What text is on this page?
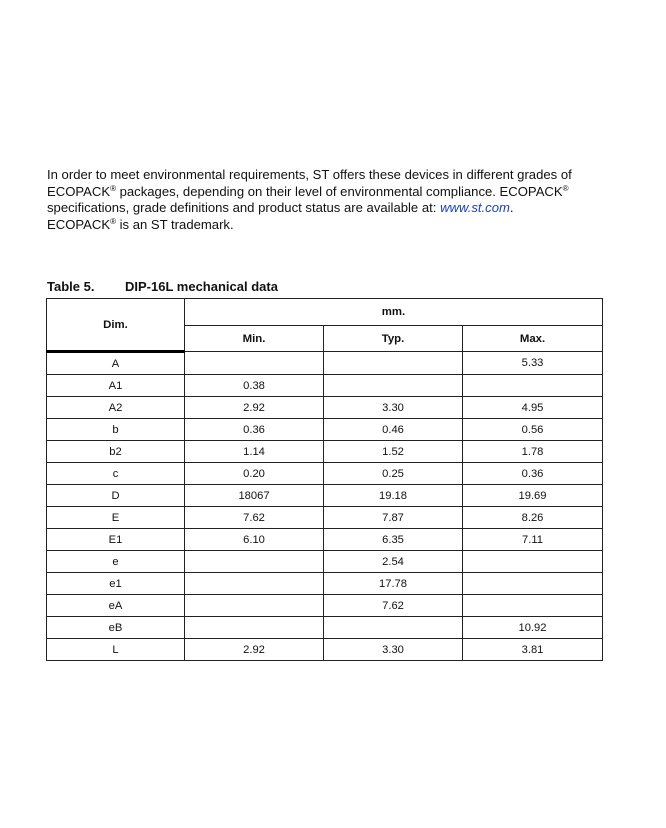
In order to meet environmental requirements, ST offers these devices in different grades of
ECOPACK® packages, depending on their level of environmental compliance. ECOPACK®
specifications, grade definitions and product status are available at: www.st.com.
ECOPACK® is an ST trademark.

Table 5. DIP-16L mechanical data

Dim.	mm.		
	Min.	Typ.	Max.
A			5.33
A1	0.38		
A2	2.92	3.30	4.95
b	0.36	0.46	0.56
b2	1.14	1.52	1.78
c	0.20	0.25	0.36
D	18067	19.18	19.69
E	7.62	7.87	8.26
E1	6.10	6.35	7.11
e		2.54	
e1		17.78	
eA		7.62	
eB			10.92
L	2.92	3.30	3.81
